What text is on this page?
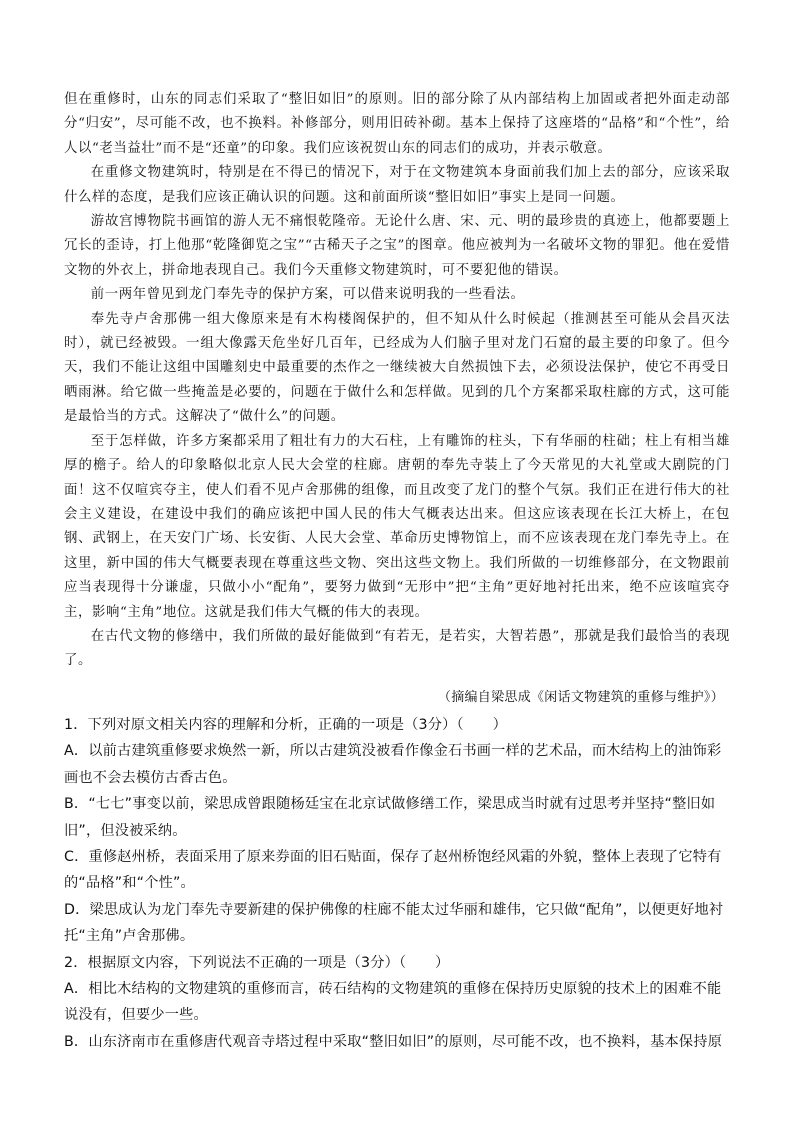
但在重修时，山东的同志们采取了“整旧如旧”的原则。旧的部分除了从内部结构上加固或者把外面走动部分“归安”，尽可能不改，也不换料。补修部分，则用旧砖补砌。基本上保持了这座塔的“品格”和“个性”，给人以“老当益壮”而不是“还童”的印象。我们应该祝贺山东的同志们的成功，并表示敬意。

在重修文物建筑时，特别是在不得已的情况下，对于在文物建筑本身面前我们加上去的部分，应该采取什么样的态度，是我们应该正确认识的问题。这和前面所谈“整旧如旧”事实上是同一问题。

游故宫博物院书画馆的游人无不痛恨乾隆帝。无论什么唐、宋、元、明的最珍贵的真迹上，他都要题上冗长的歪诗，打上他那“乾隆御览之宝”“古稀天子之宝”的图章。他应被判为一名破坏文物的罪犯。他在爱惜文物的外衣上，拼命地表现自己。我们今天重修文物建筑时，可不要犯他的错误。

前一两年曾见到龙门奉先寺的保护方案，可以借来说明我的一些看法。

奉先寺卢舍那佛一组大像原来是有木构楼阁保护的，但不知从什么时候起（推测甚至可能从会昌灭法时），就已经被毁。一组大像露天危坐好几百年，已经成为人们脑子里对龙门石窟的最主要的印象了。但今天，我们不能让这组中国雕刻史中最重要的杰作之一继续被大自然损蚀下去，必须设法保护，使它不再受日晒雨淋。给它做一些掩盖是必要的，问题在于做什么和怎样做。见到的几个方案都采取柱廊的方式，这可能是最恰当的方式。这解决了“做什么”的问题。

至于怎样做，许多方案都采用了粗壮有力的大石柱，上有雕饰的柱头，下有华丽的柱础；柱上有相当雄厚的檐子。给人的印象略似北京人民大会堂的柱廊。唐朝的奉先寺装上了今天常见的大礼堂或大剧院的门面！这不仅喧宾夺主，使人们看不见卢舍那佛的组像，而且改变了龙门的整个气氛。我们正在进行伟大的社会主义建设，在建设中我们的确应该把中国人民的伟大气概表达出来。但这应该表现在长江大桥上，在包钢、武钢上，在天安门广场、长安街、人民大会堂、革命历史博物馆上，而不应该表现在龙门奉先寺上。在这里，新中国的伟大气概要表现在尊重这些文物、突出这些文物上。我们所做的一切维修部分，在文物跟前应当表现得十分谦虚，只做小小“配角”，要努力做到“无形中”把“主角”更好地衬托出来，绝不应该喧宾夺主，影响“主角”地位。这就是我们伟大气概的伟大的表现。

在古代文物的修缮中，我们所做的最好能做到“有若无，是若实，大智若愚”，那就是我们最恰当的表现了。

（摘编自梁思成《闲话文物建筑的重修与维护》）

1．下列对原文相关内容的理解和分析，正确的一项是（3分）（　　）

A．以前古建筑重修要求焕然一新，所以古建筑没被看作像金石书画一样的艺术品，而木结构上的油饰彩画也不会去模仿古香古色。

B．“七七”事变以前，梁思成曾跟随杨廷宝在北京试做修缮工作，梁思成当时就有过思考并坚持“整旧如旧”，但没被采纳。

C．重修赵州桥，表面采用了原来券面的旧石贴面，保存了赵州桥饱经风霜的外貌，整体上表现了它特有的“品格”和“个性”。

D．梁思成认为龙门奉先寺要新建的保护佛像的柱廊不能太过华丽和雄伟，它只做“配角”，以便更好地衬托“主角”卢舍那佛。

2．根据原文内容，下列说法不正确的一项是（3分）（　　）

A．相比木结构的文物建筑的重修而言，砖石结构的文物建筑的重修在保持历史原貌的技术上的困难不能说没有，但要少一些。

B．山东济南市在重修唐代观音寺塔过程中采取“整旧如旧”的原则，尽可能不改，也不换料，基本保持原
